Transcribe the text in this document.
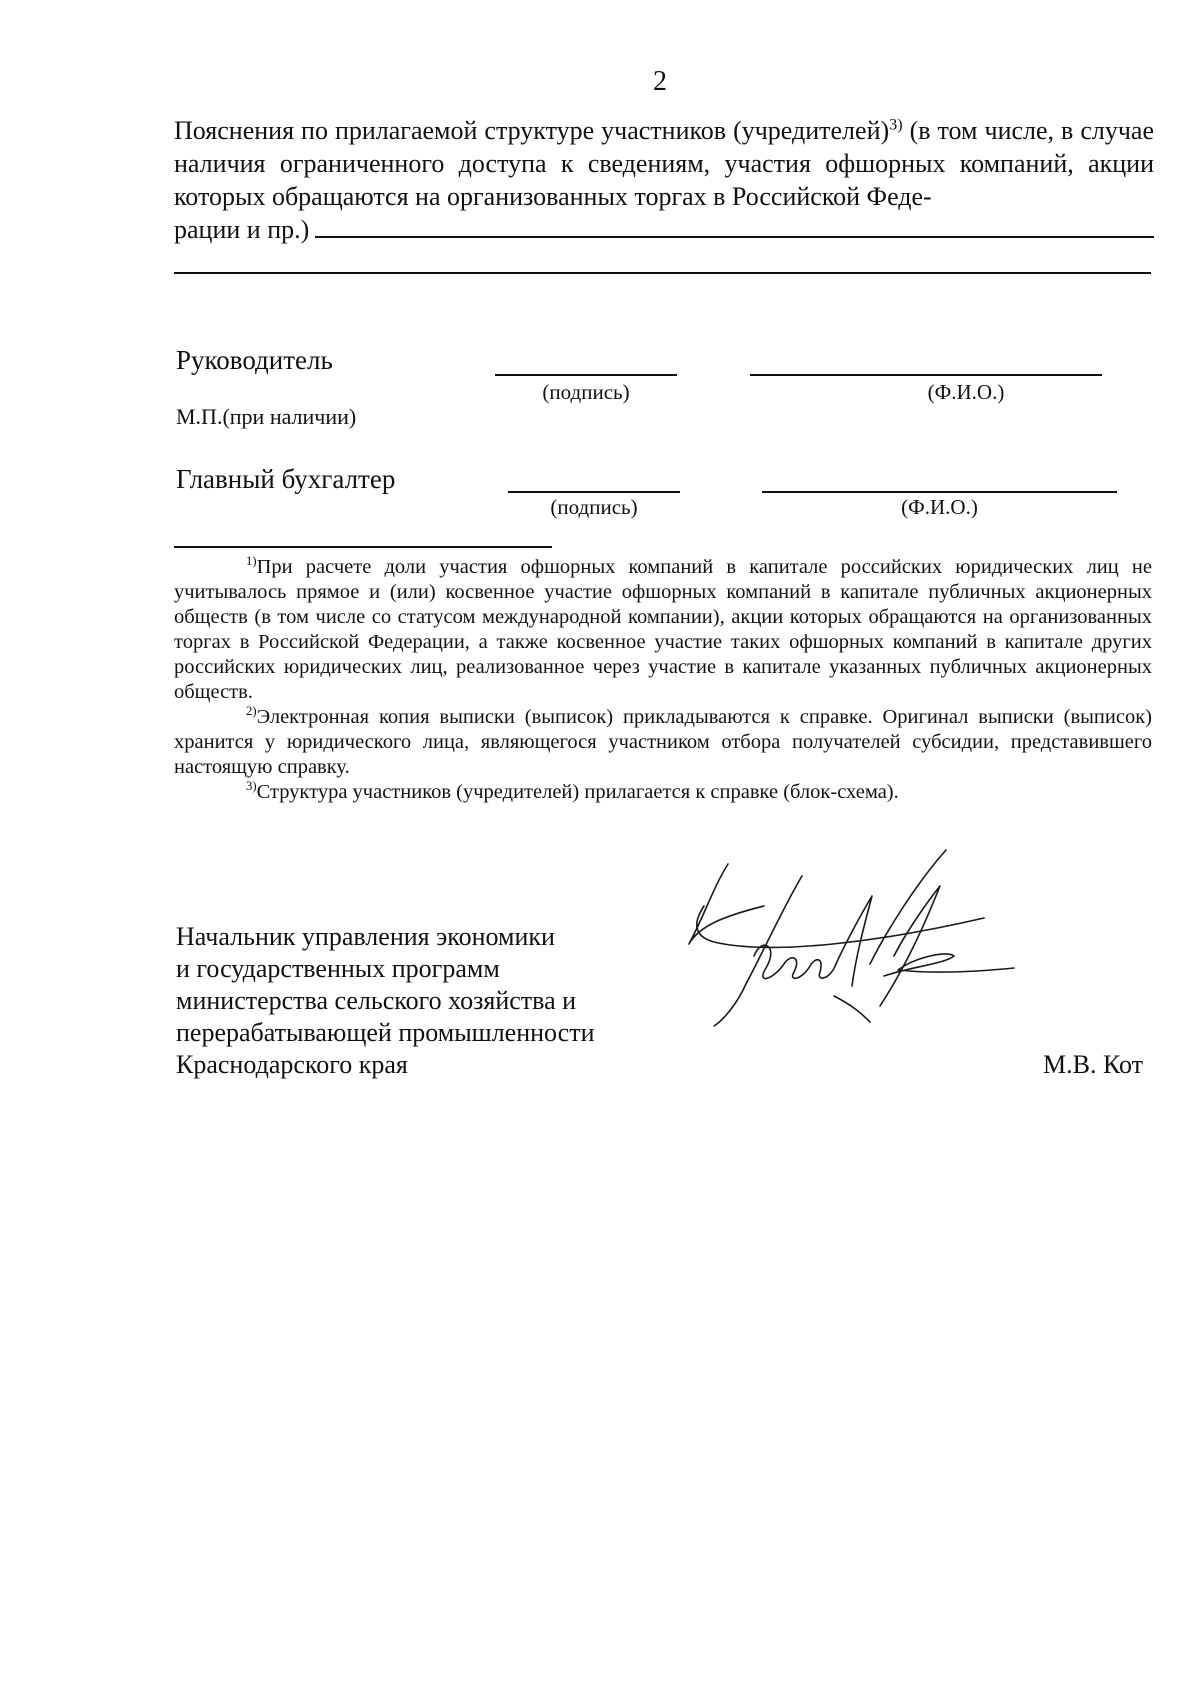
2
Пояснения по прилагаемой структуре участников (учредителей)$^{3)}$ (в том числе, в случае наличия ограниченного доступа к сведениям, участия офшорных компаний, акции которых обращаются на организованных торгах в Российской Феде-
рации и пр.)
Руководитель
(подпись)	(Ф.И.О.)
М.П.(при наличии)
Главный бухгалтер
(подпись)	(Ф.И.О.)

$^{1)}$При расчете доли участия офшорных компаний в капитале российских юридических лиц не учитывалось прямое и (или) косвенное участие офшорных компаний в капитале публичных акционерных обществ (в том числе со статусом международной компании), акции которых обращаются на организованных торгах в Российской Федерации, а также косвенное участие таких офшорных компаний в капитале других российских юридических лиц, реализованное через участие в капитале указанных публичных акционерных обществ.

$^{2)}$Электронная копия выписки (выписок) прикладываются к справке. Оригинал выписки (выписок) хранится у юридического лица, являющегося участником отбора получателей субсидии, представившего настоящую справку.

$^{3)}$Структура участников (учредителей) прилагается к справке (блок-схема).

Начальник управления экономики
и государственных программ
министерства сельского хозяйства и
перерабатывающей промышленности
Краснодарского края	М.В. Кот
